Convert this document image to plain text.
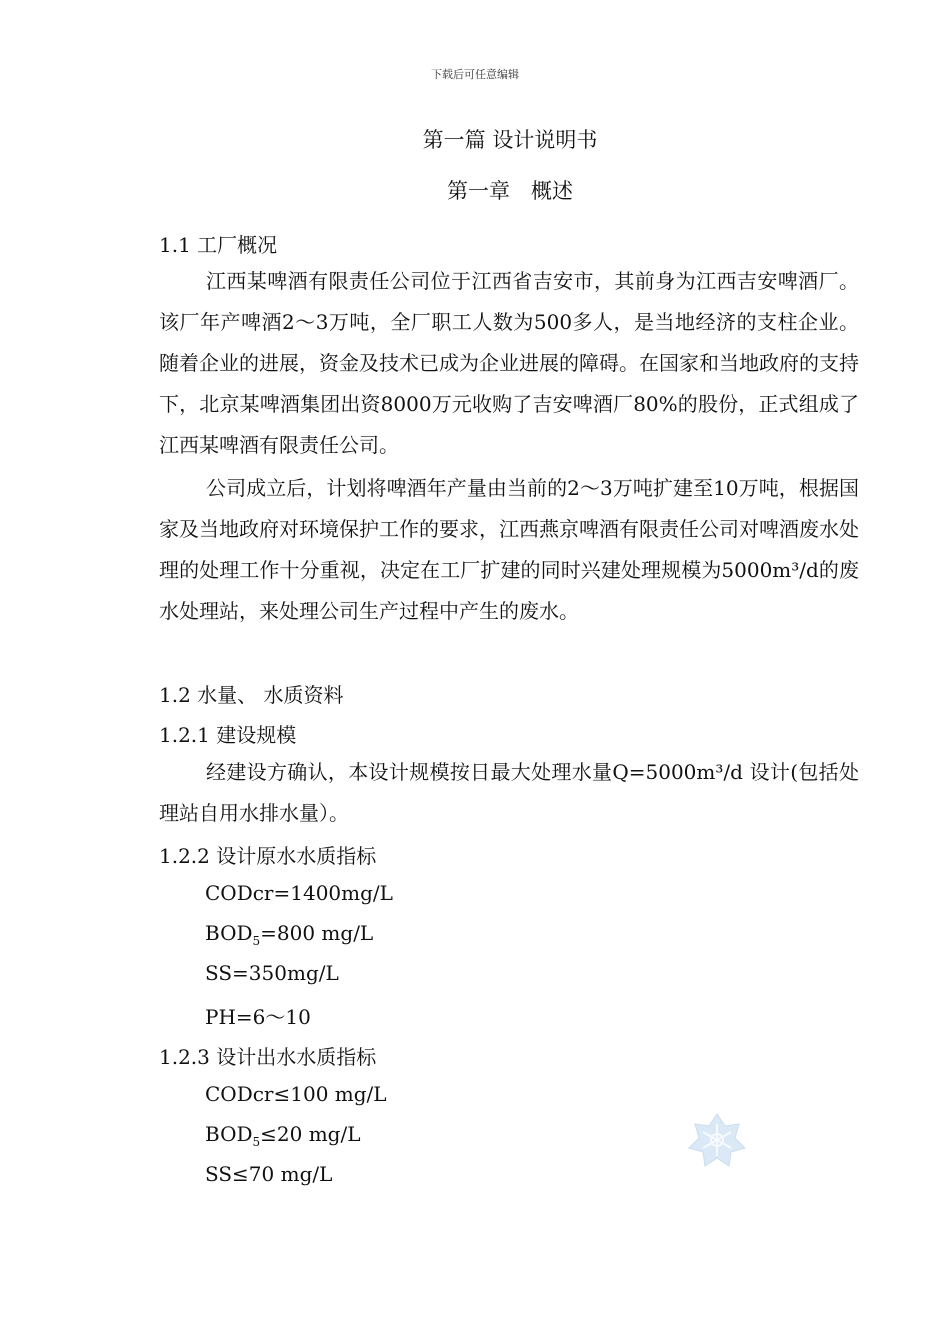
下载后可任意编辑
第一篇 设计说明书
第一章　概述
1.1 工厂概况
江西某啤酒有限责任公司位于江西省吉安市，其前身为江西吉安啤酒厂。该厂年产啤酒2～3万吨，全厂职工人数为500多人，是当地经济的支柱企业。随着企业的进展，资金及技术已成为企业进展的障碍。在国家和当地政府的支持下，北京某啤酒集团出资8000万元收购了吉安啤酒厂80%的股份，正式组成了江西某啤酒有限责任公司。
公司成立后，计划将啤酒年产量由当前的2～3万吨扩建至10万吨，根据国家及当地政府对环境保护工作的要求，江西燕京啤酒有限责任公司对啤酒废水处理的处理工作十分重视，决定在工厂扩建的同时兴建处理规模为5000m³/d的废水处理站，来处理公司生产过程中产生的废水。
1.2 水量、 水质资料
1.2.1 建设规模
经建设方确认，本设计规模按日最大处理水量Q=5000m³/d 设计(包括处理站自用水排水量）。
1.2.2 设计原水水质指标
CODcr=1400mg/L
$BOD_5=800$ mg/L
SS=350mg/L
PH=6～10
1.2.3 设计出水水质指标
CODcr≤100 mg/L
$BOD_5\le 20$ mg/L
SS≤70 mg/L
